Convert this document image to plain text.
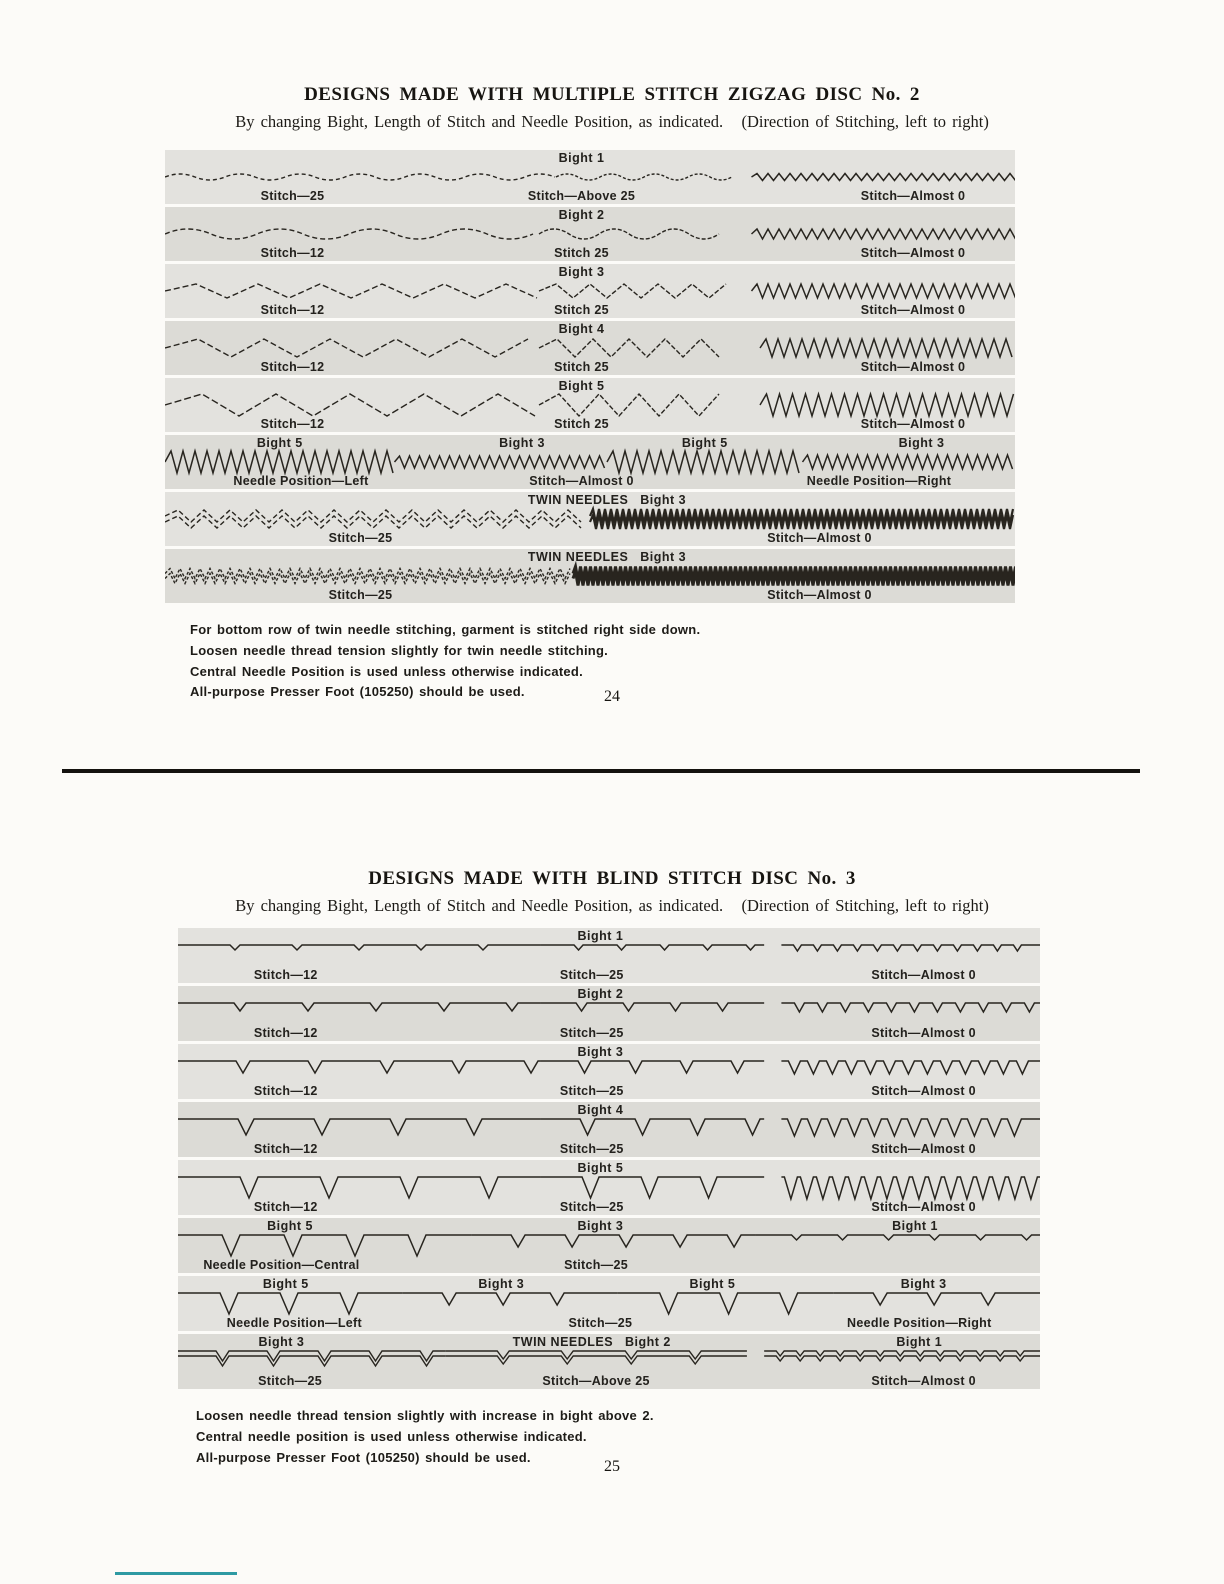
DESIGNS MADE WITH MULTIPLE STITCH ZIGZAG DISC No. 2

By changing Bight, Length of Stitch and Needle Position, as indicated.   (Direction of Stitching, left to right)

Bight 1
Stitch—25	Stitch—Above 25	Stitch—Almost 0
Bight 2
Stitch—12	Stitch 25	Stitch—Almost 0
Bight 3
Stitch—12	Stitch 25	Stitch—Almost 0
Bight 4
Stitch—12	Stitch 25	Stitch—Almost 0
Bight 5
Stitch—12	Stitch 25	Stitch—Almost 0
Bight 5	Bight 3	Bight 5	Bight 3
Needle Position—Left	Stitch—Almost 0	Needle Position—Right
TWIN NEEDLES   Bight 3
Stitch—25	Stitch—Almost 0
TWIN NEEDLES   Bight 3
Stitch—25	Stitch—Almost 0

For bottom row of twin needle stitching, garment is stitched right side down.

Loosen needle thread tension slightly for twin needle stitching.

Central Needle Position is used unless otherwise indicated.

All-purpose Presser Foot (105250) should be used.	24
DESIGNS MADE WITH BLIND STITCH DISC No. 3

By changing Bight, Length of Stitch and Needle Position, as indicated.   (Direction of Stitching, left to right)

Bight 1
Stitch—12	Stitch—25	Stitch—Almost 0
Bight 2
Stitch—12	Stitch—25	Stitch—Almost 0
Bight 3
Stitch—12	Stitch—25	Stitch—Almost 0
Bight 4
Stitch—12	Stitch—25	Stitch—Almost 0
Bight 5
Stitch—12	Stitch—25	Stitch—Almost 0
Bight 5	Bight 3	Bight 1
Needle Position—Central	Stitch—25
Bight 5	Bight 3	Bight 5	Bight 3
Needle Position—Left	Stitch—25	Needle Position—Right
Bight 3	TWIN NEEDLES   Bight 2	Bight 1
Stitch—25	Stitch—Above 25	Stitch—Almost 0

Loosen needle thread tension slightly with increase in bight above 2.

Central needle position is used unless otherwise indicated.

All-purpose Presser Foot (105250) should be used.

25
